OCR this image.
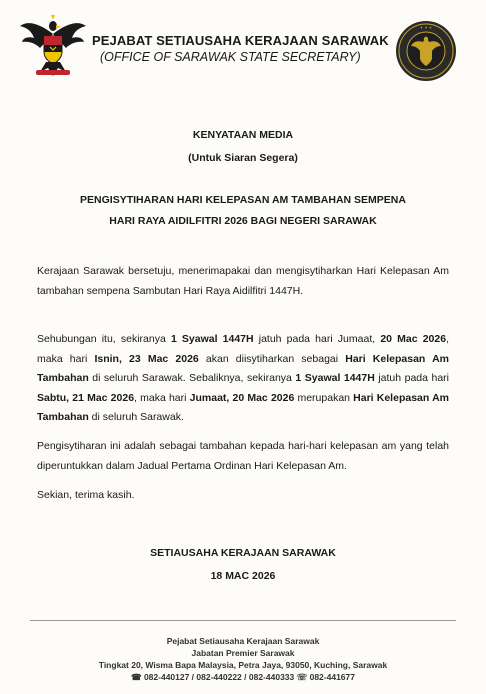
PEJABAT SETIAUSAHA KERAJAAN SARAWAK
(OFFICE OF SARAWAK STATE SECRETARY)
✦ ✦ ✦
KENYATAAN MEDIA
(Untuk Siaran Segera)
PENGISYTIHARAN HARI KELEPASAN AM TAMBAHAN SEMPENA
HARI RAYA AIDILFITRI 2026 BAGI NEGERI SARAWAK
Kerajaan Sarawak bersetuju, menerimapakai dan mengisytiharkan Hari Kelepasan Am tambahan sempena Sambutan Hari Raya Aidilfitri 1447H.
Sehubungan itu, sekiranya 1 Syawal 1447H jatuh pada hari Jumaat, 20 Mac 2026, maka hari Isnin, 23 Mac 2026 akan diisytiharkan sebagai Hari Kelepasan Am Tambahan di seluruh Sarawak. Sebaliknya, sekiranya 1 Syawal 1447H jatuh pada hari Sabtu, 21 Mac 2026, maka hari Jumaat, 20 Mac 2026 merupakan Hari Kelepasan Am Tambahan di seluruh Sarawak.
Pengisytiharan ini adalah sebagai tambahan kepada hari-hari kelepasan am yang telah diperuntukkan dalam Jadual Pertama Ordinan Hari Kelepasan Am.
Sekian, terima kasih.
SETIAUSAHA KERAJAAN SARAWAK
18 MAC 2026
Pejabat Setiausaha Kerajaan Sarawak
Jabatan Premier Sarawak
Tingkat 20, Wisma Bapa Malaysia, Petra Jaya, 93050, Kuching, Sarawak
☎ 082-440127 / 082-440222 / 082-440333 ☏ 082-441677
